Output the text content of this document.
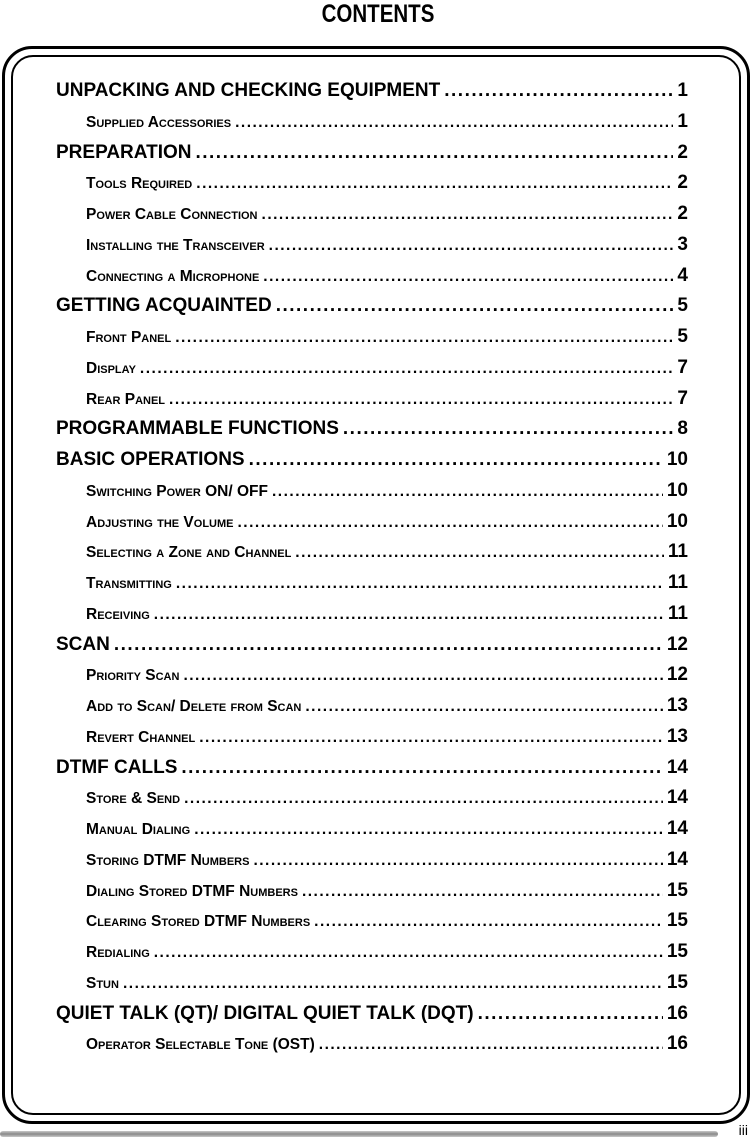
CONTENTS
UNPACKING AND CHECKING EQUIPMENT .....	1
Supplied Accessories .....	1
PREPARATION .....	2
Tools Required .....	2
Power Cable Connection .....	2
Installing the Transceiver .....	3
Connecting a Microphone .....	4
GETTING ACQUAINTED .....	5
Front Panel .....	5
Display .....	7
Rear Panel .....	7
PROGRAMMABLE FUNCTIONS .....	8
BASIC OPERATIONS .....	10
Switching Power ON/ OFF .....	10
Adjusting the Volume .....	10
Selecting a Zone and Channel .....	11
Transmitting .....	11
Receiving .....	11
SCAN .....	12
Priority Scan .....	12
Add to Scan/ Delete from Scan .....	13
Revert Channel .....	13
DTMF CALLS .....	14
Store & Send .....	14
Manual Dialing .....	14
Storing DTMF Numbers .....	14
Dialing Stored DTMF Numbers .....	15
Clearing Stored DTMF Numbers .....	15
Redialing .....	15
Stun .....	15
QUIET TALK (QT)/ DIGITAL QUIET TALK (DQT) .....	16
Operator Selectable Tone (OST) .....	16
iii
